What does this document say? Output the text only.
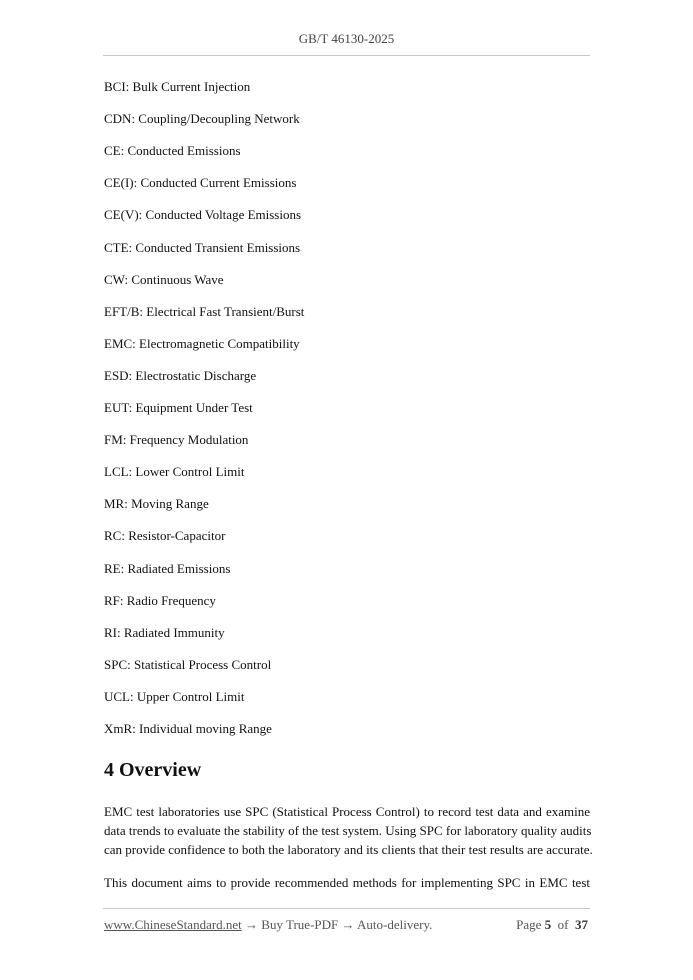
GB/T 46130-2025
BCI: Bulk Current Injection
CDN: Coupling/Decoupling Network
CE: Conducted Emissions
CE(I): Conducted Current Emissions
CE(V): Conducted Voltage Emissions
CTE: Conducted Transient Emissions
CW: Continuous Wave
EFT/B: Electrical Fast Transient/Burst
EMC: Electromagnetic Compatibility
ESD: Electrostatic Discharge
EUT: Equipment Under Test
FM: Frequency Modulation
LCL: Lower Control Limit
MR: Moving Range
RC: Resistor-Capacitor
RE: Radiated Emissions
RF: Radio Frequency
RI: Radiated Immunity
SPC: Statistical Process Control
UCL: Upper Control Limit
XmR: Individual moving Range
4 Overview
EMC test laboratories use SPC (Statistical Process Control) to record test data and examine
data trends to evaluate the stability of the test system. Using SPC for laboratory quality audits
can provide confidence to both the laboratory and its clients that their test results are accurate.
This document aims to provide recommended methods for implementing SPC in EMC test
www.ChineseStandard.net → Buy True-PDF → Auto-delivery.	Page 5 of 37
